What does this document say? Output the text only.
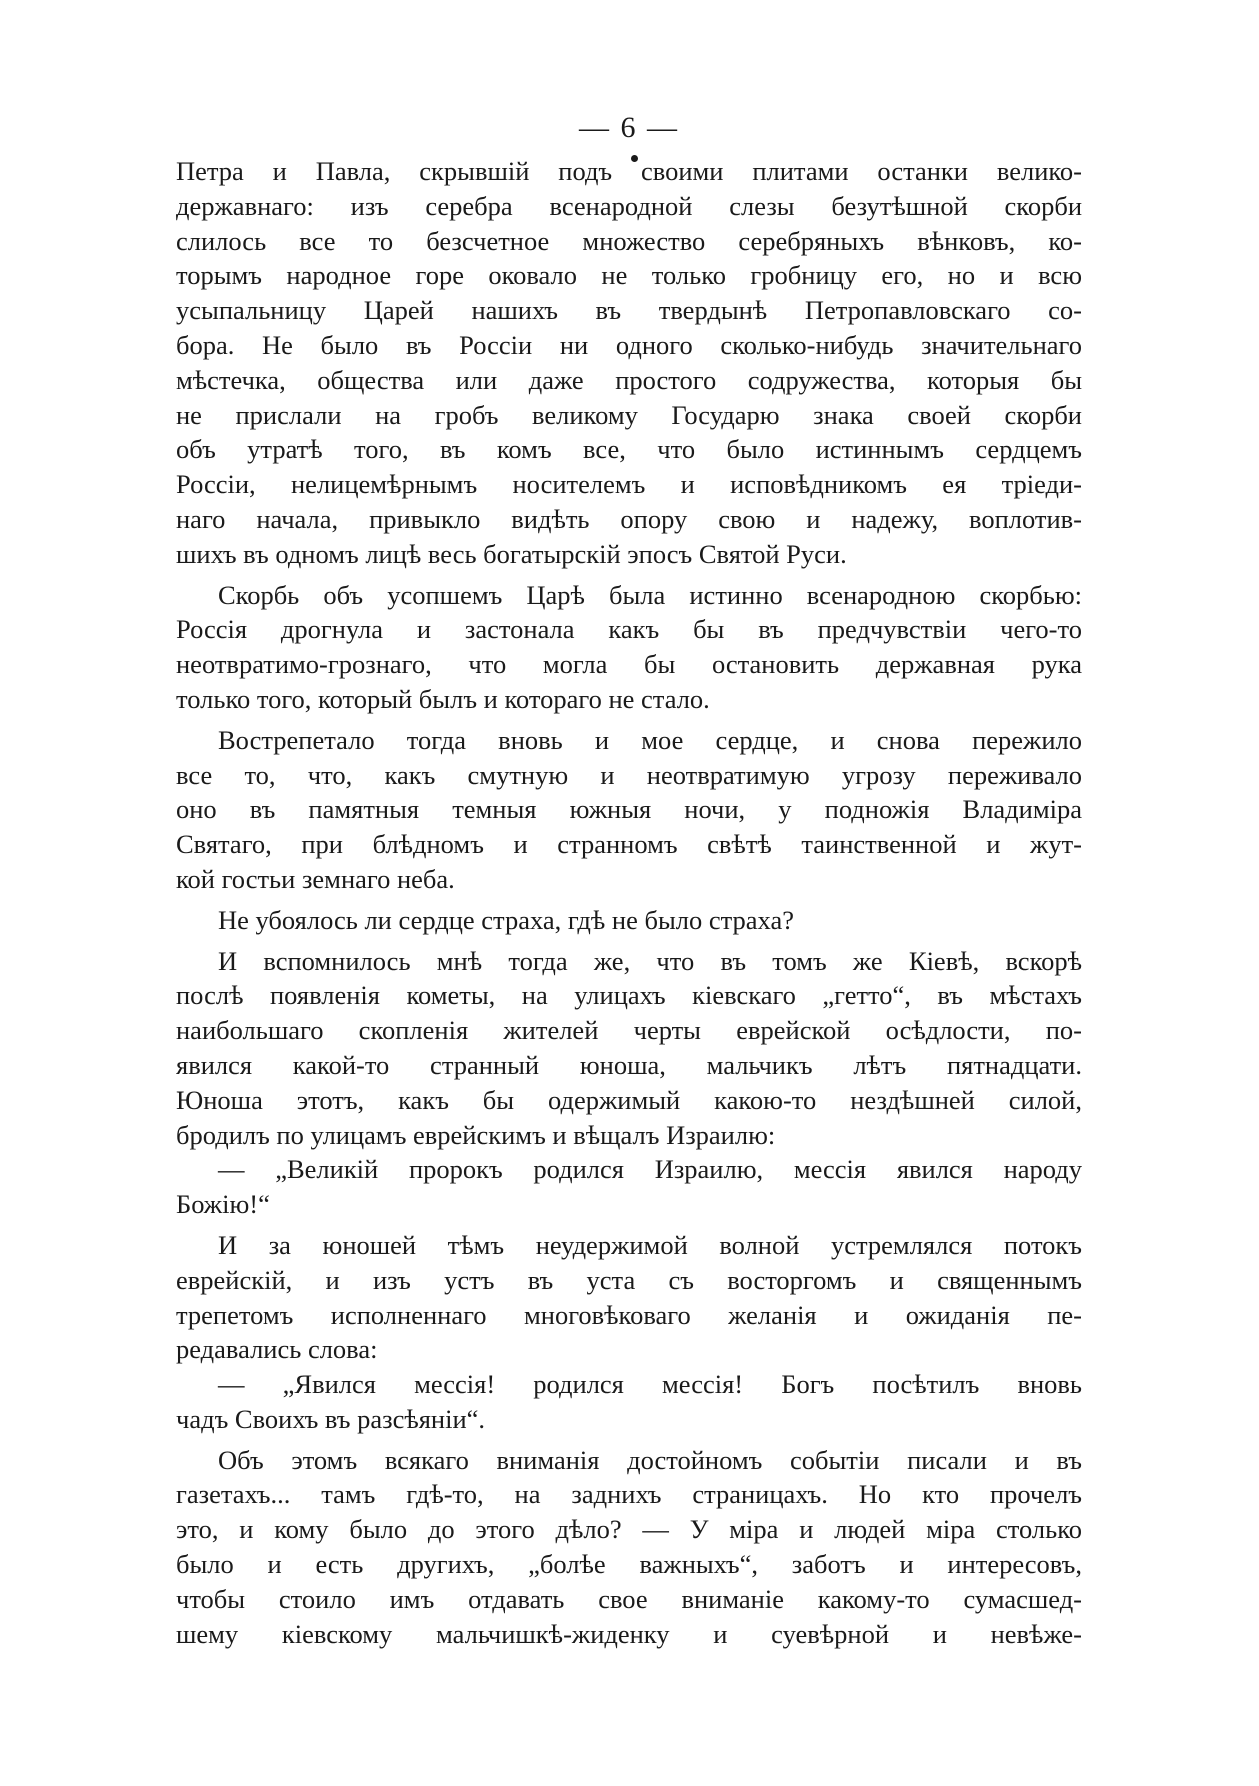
— 6 —
Петра и Павла, скрывшій подъ своими плитами останки велико-
державнаго: изъ серебра всенародной слезы безутѣшной скорби
слилось все то безсчетное множество серебряныхъ вѣнковъ, ко-
торымъ народное горе оковало не только гробницу его, но и всю
усыпальницу Царей нашихъ въ твердынѣ Петропавловскаго со-
бора. Не было въ Россіи ни одного сколько-нибудь значительнаго
мѣстечка, общества или даже простого содружества, которыя бы
не прислали на гробъ великому Государю знака своей скорби
объ утратѣ того, въ комъ все, что было истиннымъ сердцемъ
Россіи, нелицемѣрнымъ носителемъ и исповѣдникомъ ея тріеди-
наго начала, привыкло видѣть опору свою и надежу, воплотив-
шихъ въ одномъ лицѣ весь богатырскій эпосъ Святой Руси.
Скорбь объ усопшемъ Царѣ была истинно всенародною скорбью:
Россія дрогнула и застонала какъ бы въ предчувствіи чего-то
неотвратимо-грознаго, что могла бы остановить державная рука
только того, который былъ и котораго не стало.
Вострепетало тогда вновь и мое сердце, и снова пережило
все то, что, какъ смутную и неотвратимую угрозу переживало
оно въ памятныя темныя южныя ночи, у подножія Владиміра
Святаго, при блѣдномъ и странномъ свѣтѣ таинственной и жут-
кой гостьи земнаго неба.
Не убоялось ли сердце страха, гдѣ не было страха?
И вспомнилось мнѣ тогда же, что въ томъ же Кіевѣ, вскорѣ
послѣ появленія кометы, на улицахъ кіевскаго „гетто“, въ мѣстахъ
наибольшаго скопленія жителей черты еврейской осѣдлости, по-
явился какой-то странный юноша, мальчикъ лѣтъ пятнадцати.
Юноша этотъ, какъ бы одержимый какою-то нездѣшней силой,
бродилъ по улицамъ еврейскимъ и вѣщалъ Израилю:
— „Великій пророкъ родился Израилю, мессія явился народу
Божію!“
И за юношей тѣмъ неудержимой волной устремлялся потокъ
еврейскій, и изъ устъ въ уста съ восторгомъ и священнымъ
трепетомъ исполненнаго многовѣковаго желанія и ожиданія пе-
редавались слова:
— „Явился мессія! родился мессія! Богъ посѣтилъ вновь
чадъ Своихъ въ разсѣяніи“.
Объ этомъ всякаго вниманія достойномъ событіи писали и въ
газетахъ... тамъ гдѣ-то, на заднихъ страницахъ. Но кто прочелъ
это, и кому было до этого дѣло? — У міра и людей міра столько
было и есть другихъ, „болѣе важныхъ“, заботъ и интересовъ,
чтобы стоило имъ отдавать свое вниманіе какому-то сумасшед-
шему кіевскому мальчишкѣ-жиденку и суевѣрной и невѣже-
